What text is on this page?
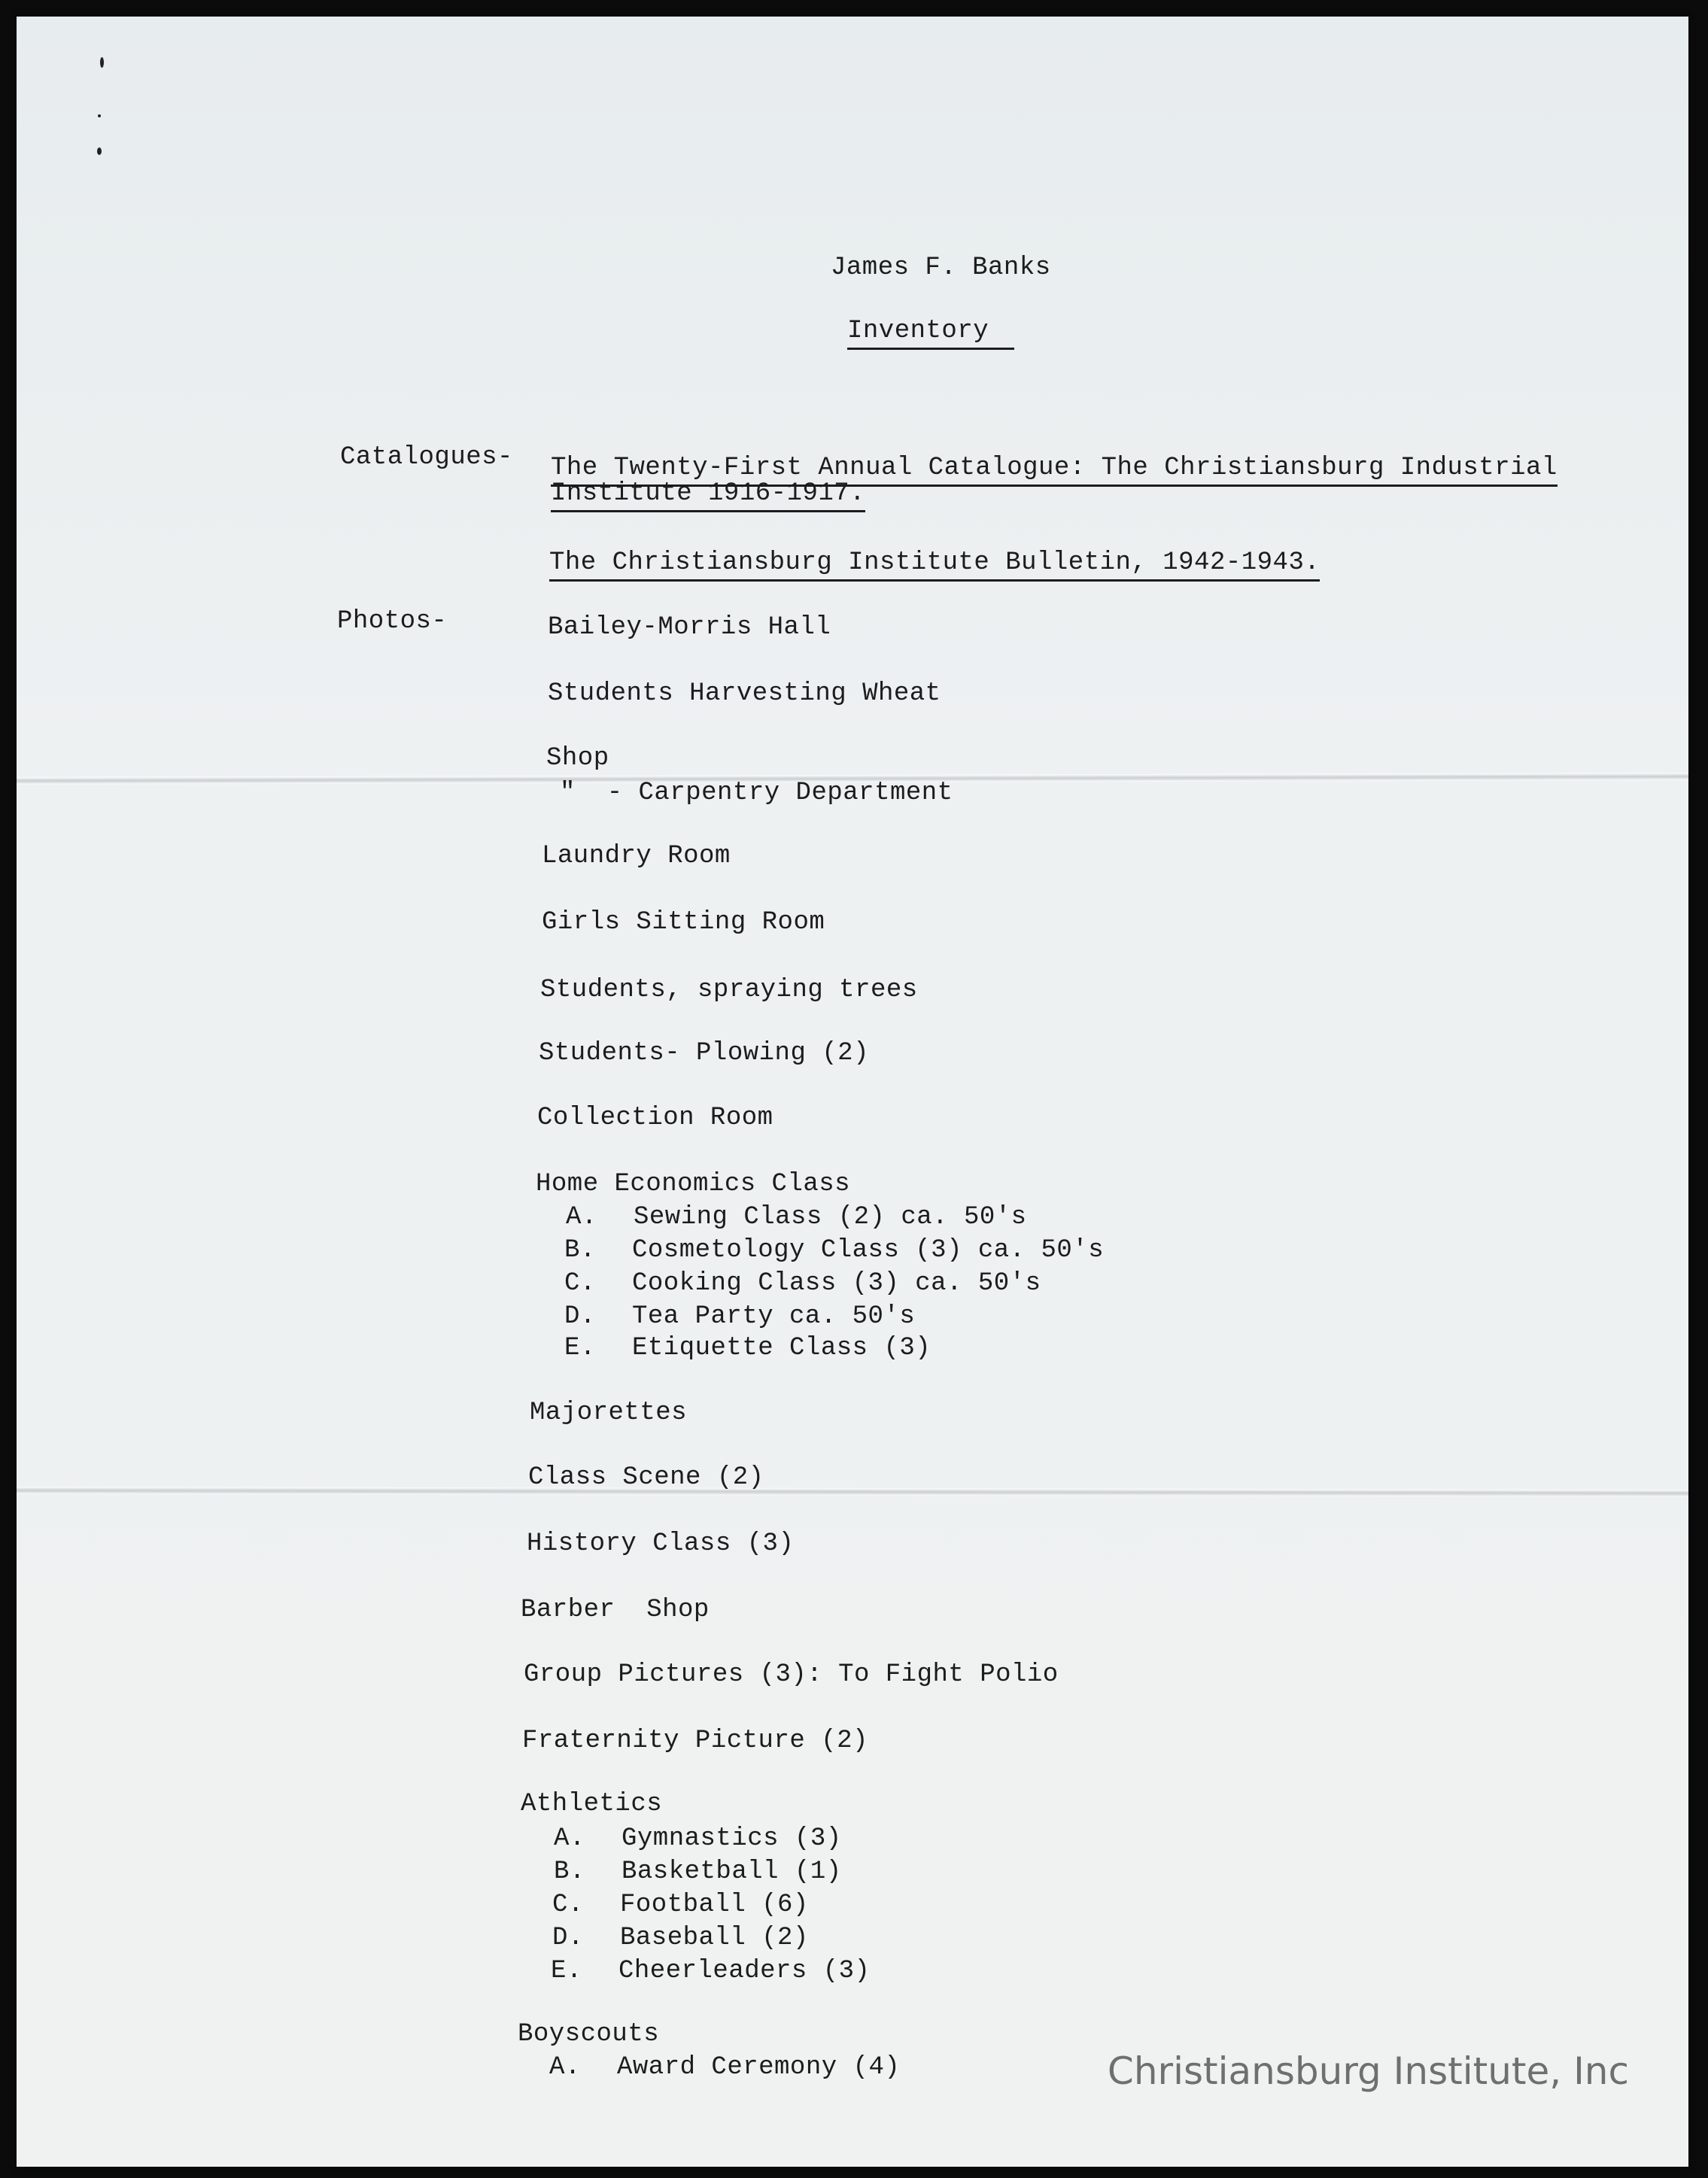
James F. Banks
Inventory
Catalogues- The Twenty-First Annual Catalogue: The Christiansburg Industrial
Institute 1916-1917.
The Christiansburg Institute Bulletin, 1942-1943.
Photos-	Bailey-Morris Hall
Students Harvesting Wheat
Shop
"  - Carpentry Department
Laundry Room
Girls Sitting Room
Students, spraying trees
Students- Plowing (2)
Collection Room
Home Economics Class
A. Sewing Class (2) ca. 50's
B. Cosmetology Class (3) ca. 50's
C. Cooking Class (3) ca. 50's
D. Tea Party ca. 50's
E. Etiquette Class (3)
Majorettes
Class Scene (2)
History Class (3)
Barber  Shop
Group Pictures (3): To Fight Polio
Fraternity Picture (2)
Athletics
A. Gymnastics (3)
B. Basketball (1)
C. Football (6)
D. Baseball (2)
E. Cheerleaders (3)
Boyscouts
A. Award Ceremony (4)	Christiansburg Institute, Inc
